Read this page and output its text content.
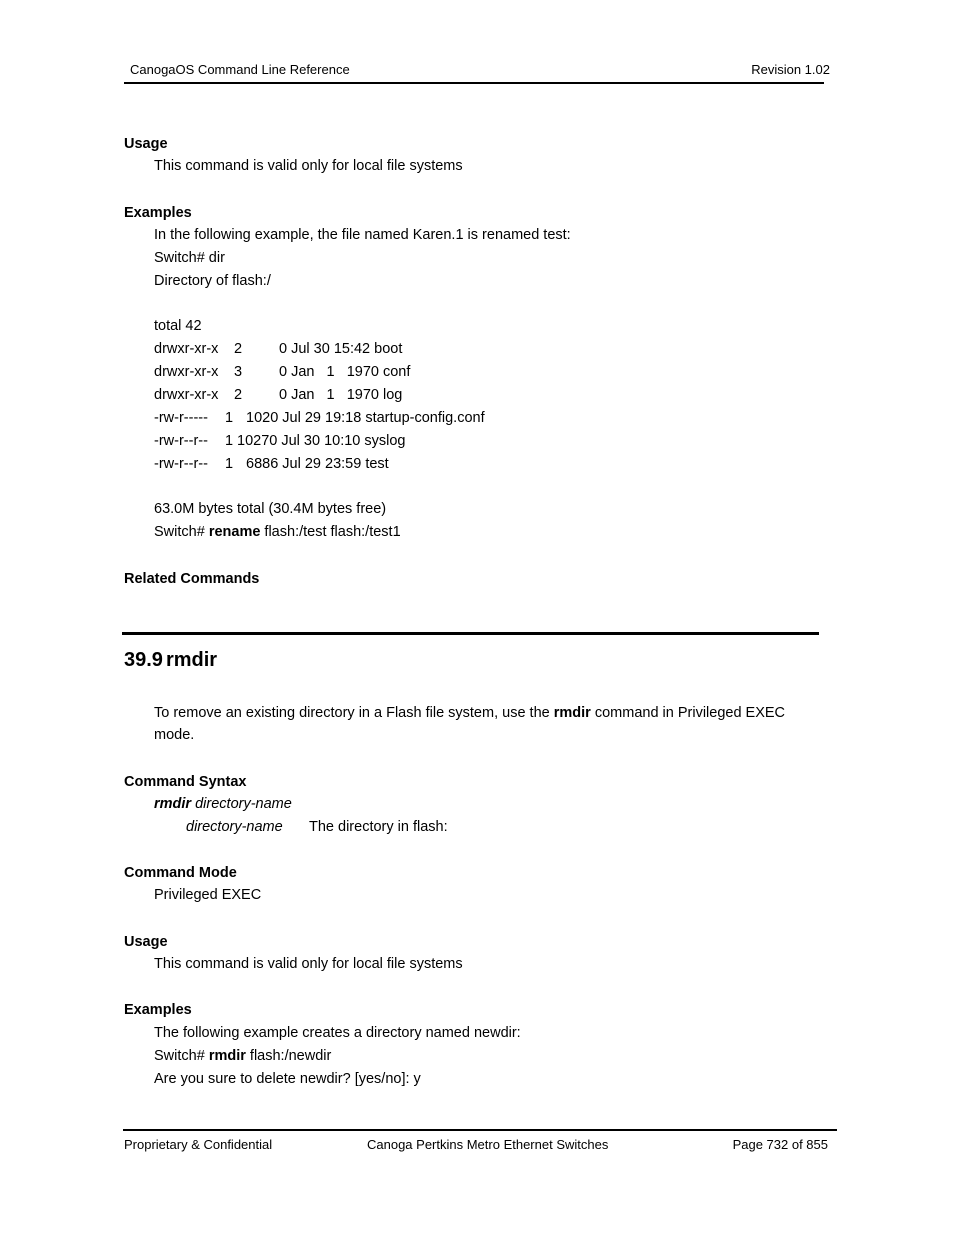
CanogaOS Command Line Reference	Revision 1.02
Usage
This command is valid only for local file systems
Examples
In the following example, the file named Karen.1 is renamed test:
Switch# dir
Directory of flash:/
total 42
drwxr-xr-x 2	0 Jul 30 15:42 boot
drwxr-xr-x 3	0 Jan   1   1970 conf
drwxr-xr-x 2	0 Jan   1   1970 log
-rw-r----- 1 1020 Jul 29 19:18 startup-config.conf
-rw-r--r-- 1 10270 Jul 30 10:10 syslog
-rw-r--r-- 1 6886 Jul 29 23:59 test
63.0M bytes total (30.4M bytes free)
Switch# rename flash:/test flash:/test1
Related Commands
39.9 rmdir
To remove an existing directory in a Flash file system, use the rmdir command in Privileged EXEC
mode.
Command Syntax
rmdir directory-name
directory-name The directory in flash:
Command Mode
Privileged EXEC
Usage
This command is valid only for local file systems
Examples
The following example creates a directory named newdir:
Switch# rmdir flash:/newdir
Are you sure to delete newdir? [yes/no]: y
Proprietary & Confidential	Canoga Pertkins Metro Ethernet Switches	Page 732 of 855
